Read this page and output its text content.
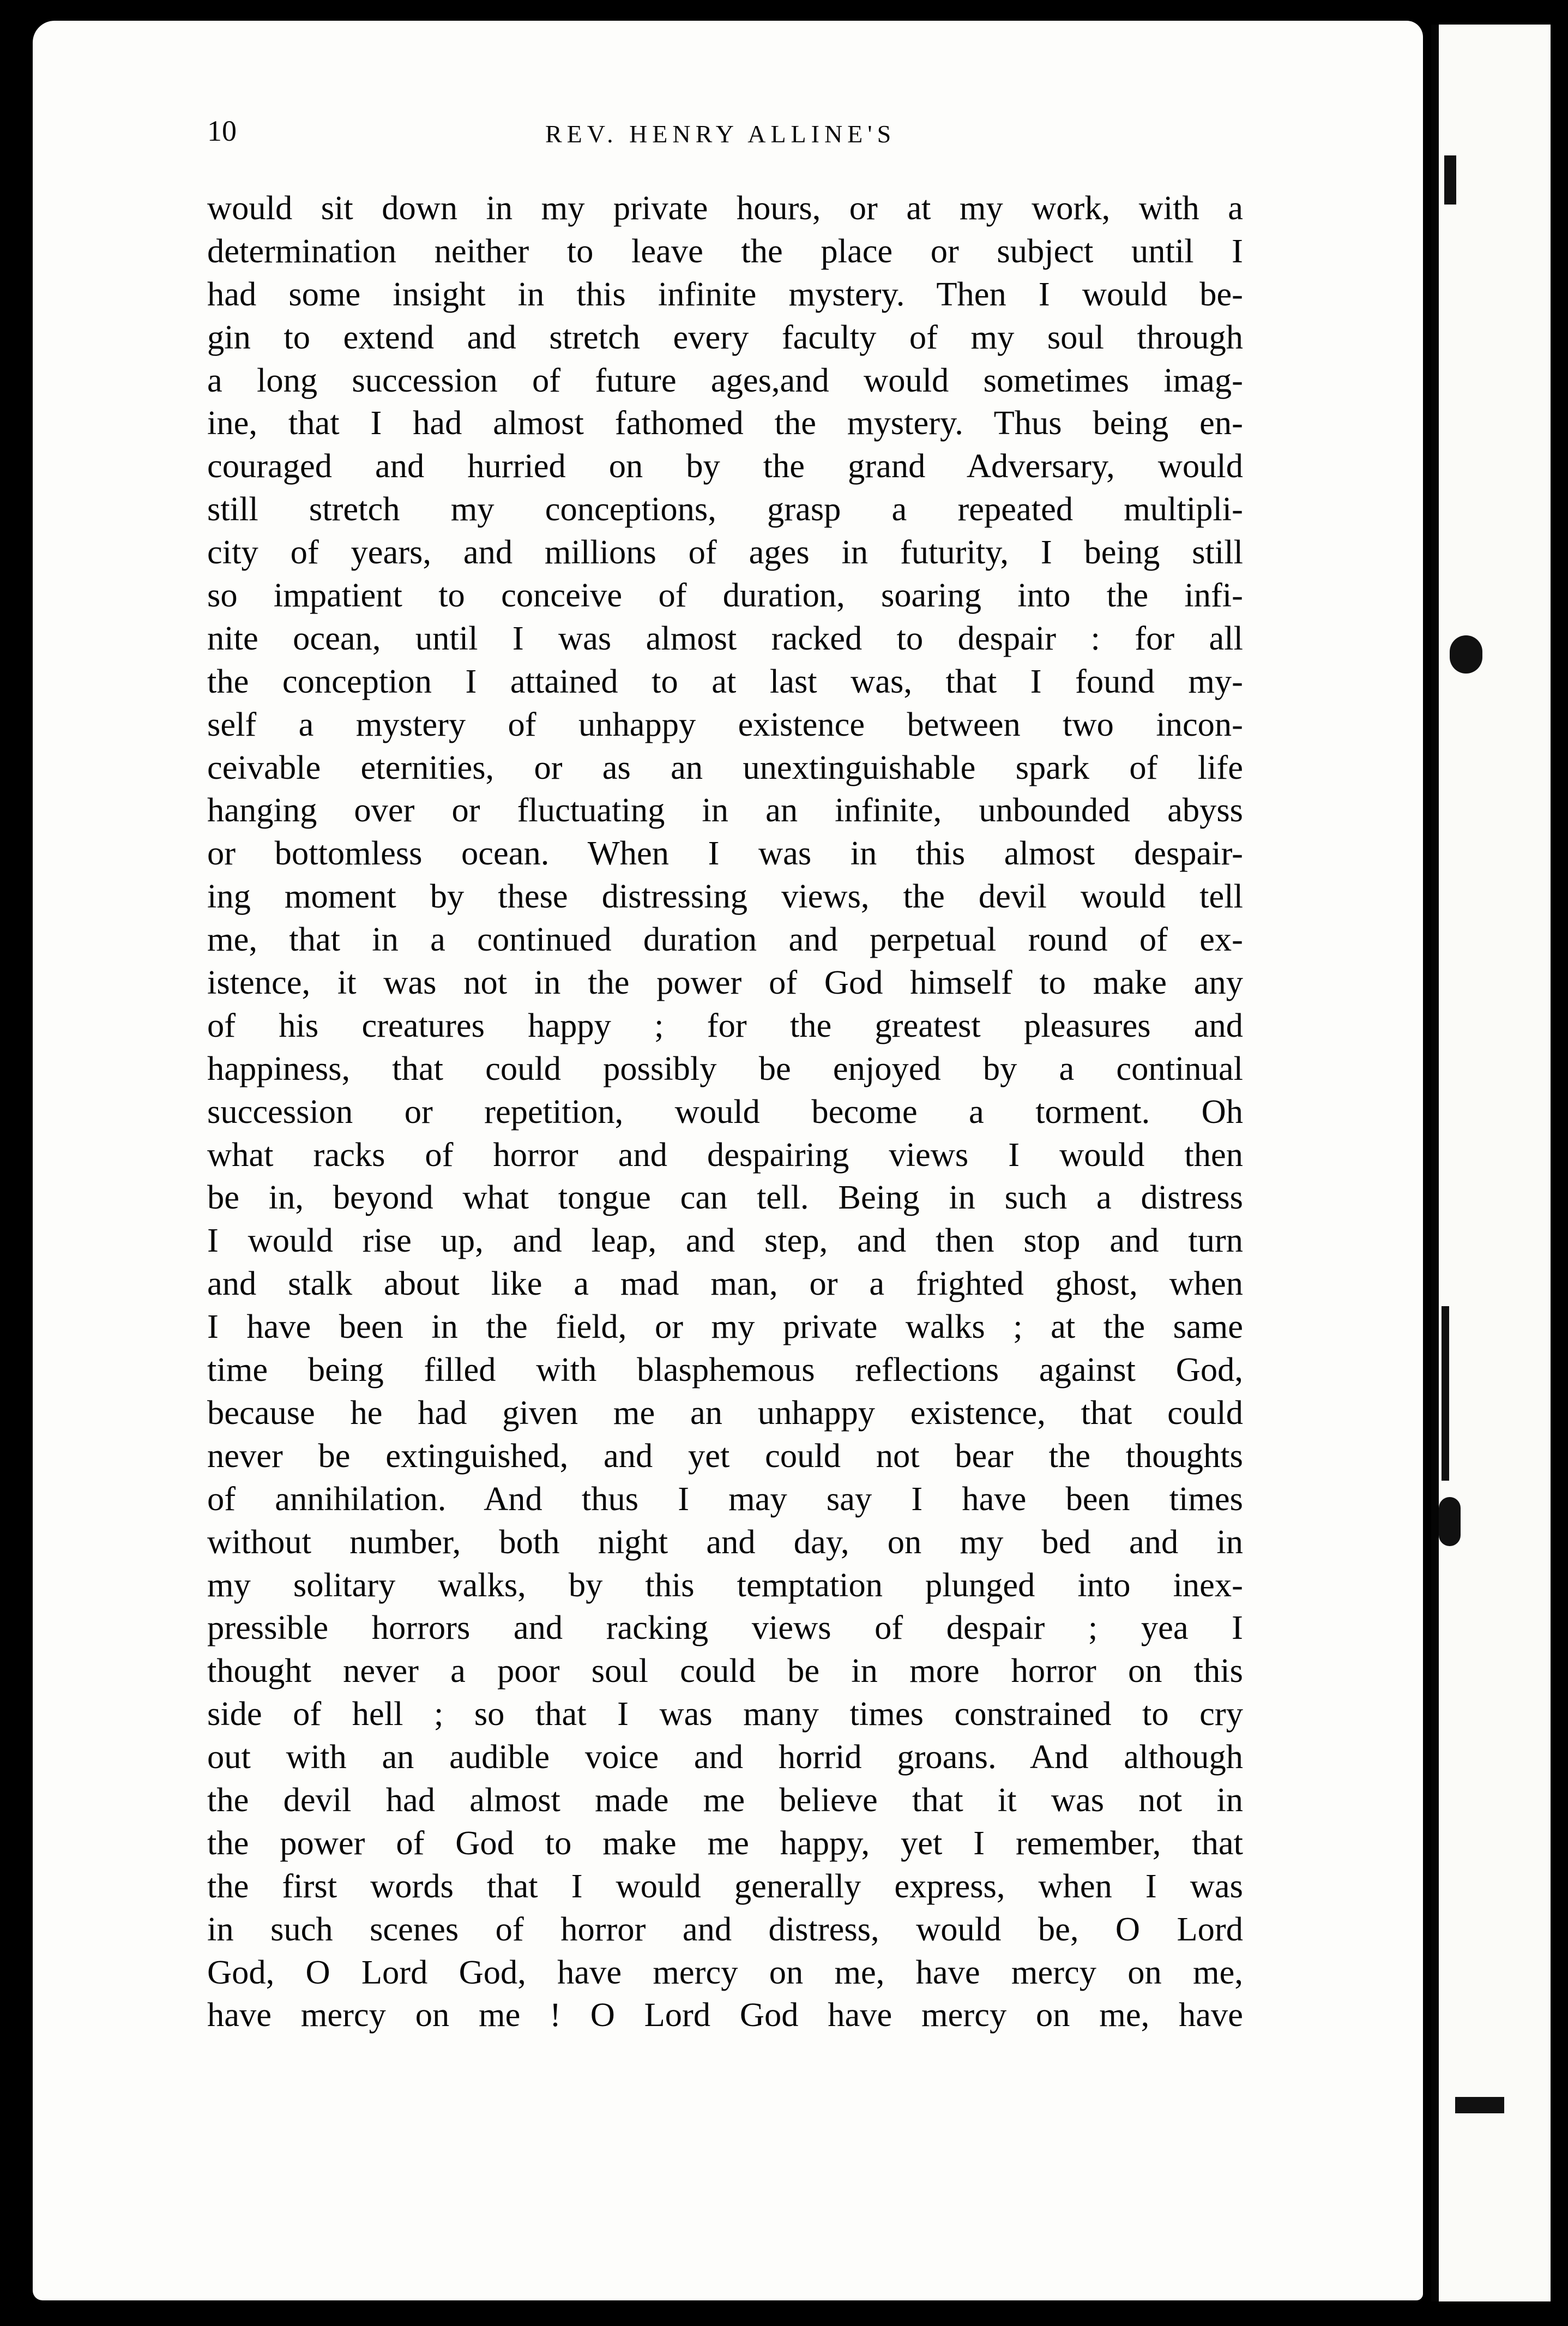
10	REV. HENRY ALLINE'S
would sit down in my private hours, or at my work, with a
determination neither to leave the place or subject until I
had some insight in this infinite mystery. Then I would be-
gin to extend and stretch every faculty of my soul through
a long succession of future ages,and would sometimes imag-
ine, that I had almost fathomed the mystery. Thus being en-
couraged and hurried on by the grand Adversary, would
still stretch my conceptions, grasp a repeated multipli-
city of years, and millions of ages in futurity, I being still
so impatient to conceive of duration, soaring into the infi-
nite ocean, until I was almost racked to despair : for all
the conception I attained to at last was, that I found my-
self a mystery of unhappy existence between two incon-
ceivable eternities, or as an unextinguishable spark of life
hanging over or fluctuating in an infinite, unbounded abyss
or bottomless ocean. When I was in this almost despair-
ing moment by these distressing views, the devil would tell
me, that in a continued duration and perpetual round of ex-
istence, it was not in the power of God himself to make any
of his creatures happy ; for the greatest pleasures and
happiness, that could possibly be enjoyed by a continual
succession or repetition, would become a torment. Oh
what racks of horror and despairing views I would then
be in, beyond what tongue can tell. Being in such a distress
I would rise up, and leap, and step, and then stop and turn
and stalk about like a mad man, or a frighted ghost, when
I have been in the field, or my private walks ; at the same
time being filled with blasphemous reflections against God,
because he had given me an unhappy existence, that could
never be extinguished, and yet could not bear the thoughts
of annihilation. And thus I may say I have been times
without number, both night and day, on my bed and in
my solitary walks, by this temptation plunged into inex-
pressible horrors and racking views of despair ; yea I
thought never a poor soul could be in more horror on this
side of hell ; so that I was many times constrained to cry
out with an audible voice and horrid groans. And although
the devil had almost made me believe that it was not in
the power of God to make me happy, yet I remember, that
the first words that I would generally express, when I was
in such scenes of horror and distress, would be, O Lord
God, O Lord God, have mercy on me, have mercy on me,
have mercy on me ! O Lord God have mercy on me, have
